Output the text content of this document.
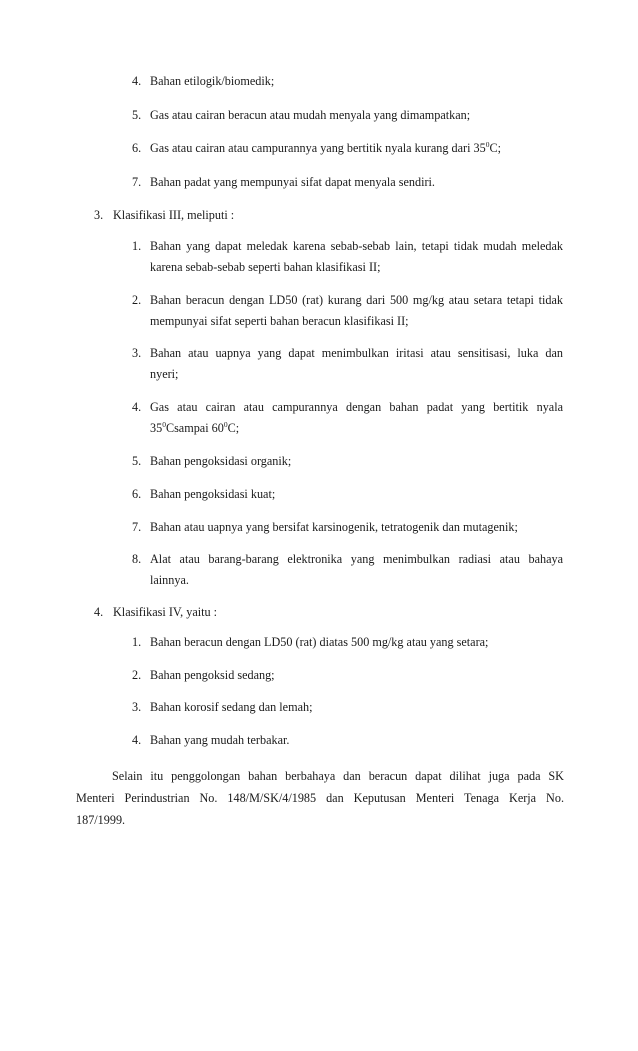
4. Bahan etilogik/biomedik;
5. Gas atau cairan beracun atau mudah menyala yang dimampatkan;
6. Gas atau cairan atau campurannya yang bertitik nyala kurang dari $35^0C$;
7. Bahan padat yang mempunyai sifat dapat menyala sendiri.
3. Klasifikasi III, meliputi :
1. Bahan yang dapat meledak karena sebab-sebab lain, tetapi tidak mudah meledak
karena sebab-sebab seperti bahan klasifikasi II;
2. Bahan beracun dengan LD50 (rat) kurang dari 500 mg/kg atau setara tetapi tidak
mempunyai sifat seperti bahan beracun klasifikasi II;
3. Bahan atau uapnya yang dapat menimbulkan iritasi atau sensitisasi, luka dan
nyeri;
4. Gas atau cairan atau campurannya dengan bahan padat yang bertitik nyala
$35^0Csampai$ $60^0C$;
5. Bahan pengoksidasi organik;
6. Bahan pengoksidasi kuat;
7. Bahan atau uapnya yang bersifat karsinogenik, tetratogenik dan mutagenik;
8. Alat atau barang-barang elektronika yang menimbulkan radiasi atau bahaya
lainnya.
4. Klasifikasi IV, yaitu :
1. Bahan beracun dengan LD50 (rat) diatas 500 mg/kg atau yang setara;
2. Bahan pengoksid sedang;
3. Bahan korosif sedang dan lemah;
4. Bahan yang mudah terbakar.
Selain itu penggolongan bahan berbahaya dan beracun dapat dilihat juga pada SK
Menteri Perindustrian No. 148/M/SK/4/1985 dan Keputusan Menteri Tenaga Kerja No.
187/1999.
